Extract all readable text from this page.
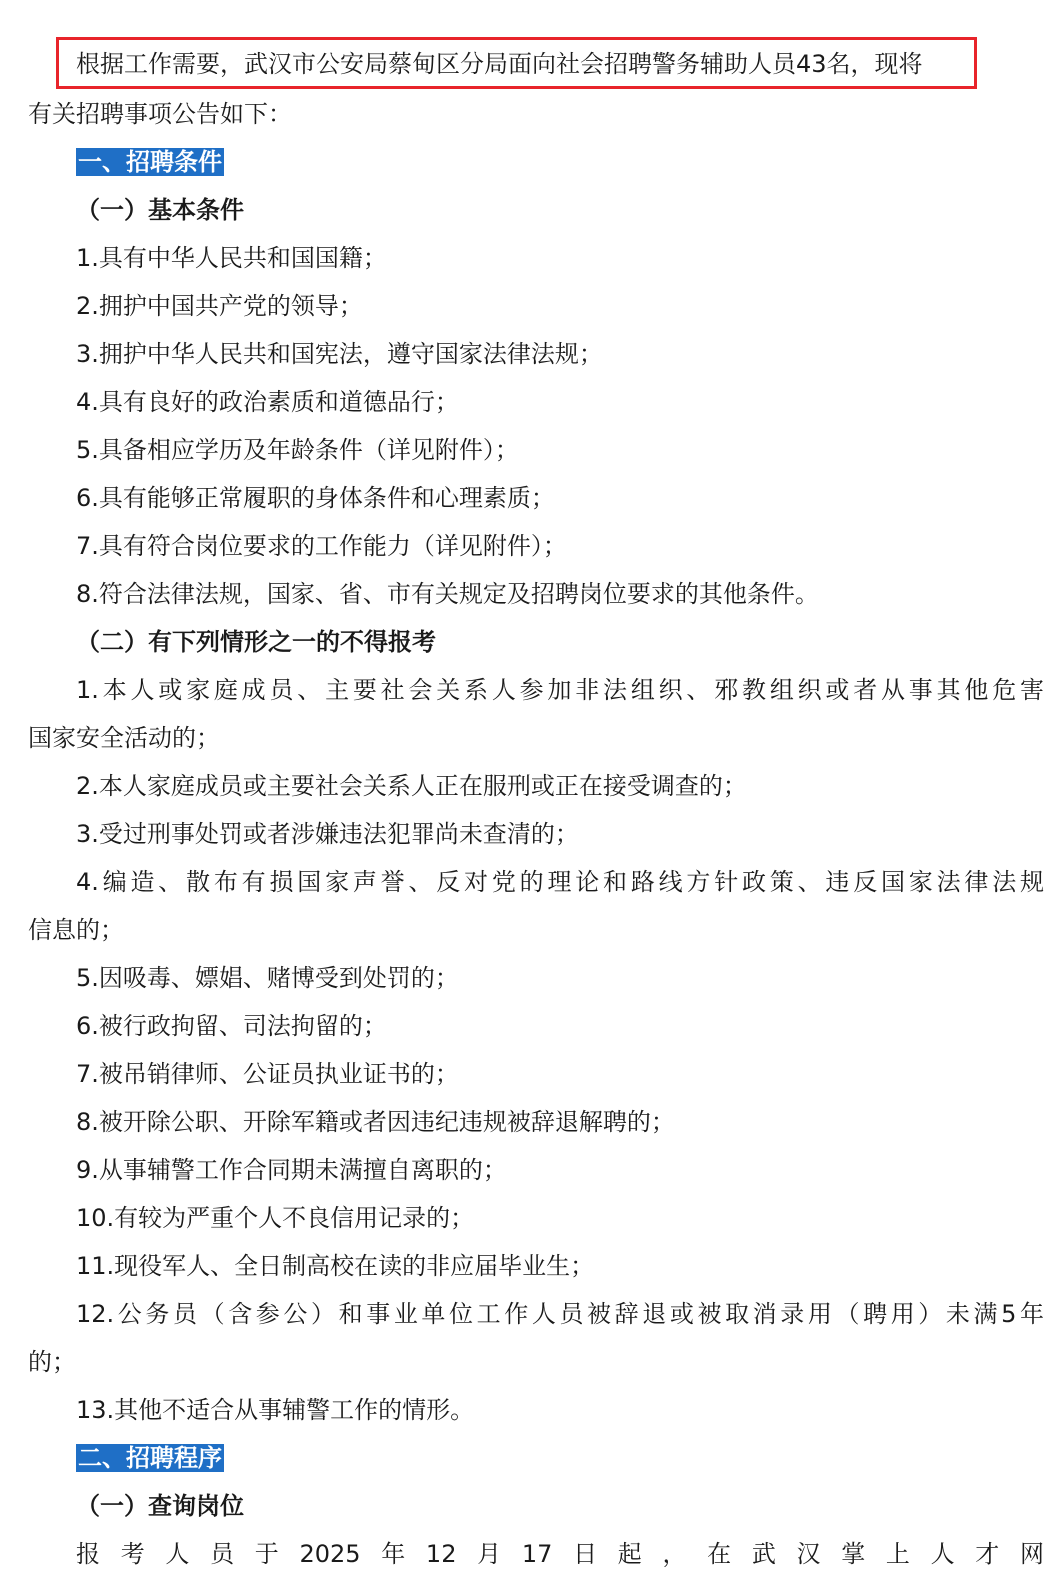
根据工作需要，武汉市公安局蔡甸区分局面向社会招聘警务辅助人员43名，现将
有关招聘事项公告如下：
一、招聘条件
（一）基本条件
1.具有中华人民共和国国籍；
2.拥护中国共产党的领导；
3.拥护中华人民共和国宪法，遵守国家法律法规；
4.具有良好的政治素质和道德品行；
5.具备相应学历及年龄条件（详见附件）；
6.具有能够正常履职的身体条件和心理素质；
7.具有符合岗位要求的工作能力（详见附件）；
8.符合法律法规，国家、省、市有关规定及招聘岗位要求的其他条件。
（二）有下列情形之一的不得报考
1.本人或家庭成员、主要社会关系人参加非法组织、邪教组织或者从事其他危害
国家安全活动的；
2.本人家庭成员或主要社会关系人正在服刑或正在接受调查的；
3.受过刑事处罚或者涉嫌违法犯罪尚未查清的；
4.编造、散布有损国家声誉、反对党的理论和路线方针政策、违反国家法律法规
信息的；
5.因吸毒、嫖娼、赌博受到处罚的；
6.被行政拘留、司法拘留的；
7.被吊销律师、公证员执业证书的；
8.被开除公职、开除军籍或者因违纪违规被辞退解聘的；
9.从事辅警工作合同期未满擅自离职的；
10.有较为严重个人不良信用记录的；
11.现役军人、全日制高校在读的非应届毕业生；
12.公务员（含参公）和事业单位工作人员被辞退或被取消录用（聘用）未满5年
的；
13.其他不适合从事辅警工作的情形。
二、招聘程序
（一）查询岗位
报考人员于2025年12月17日起，在武汉掌上人才网
